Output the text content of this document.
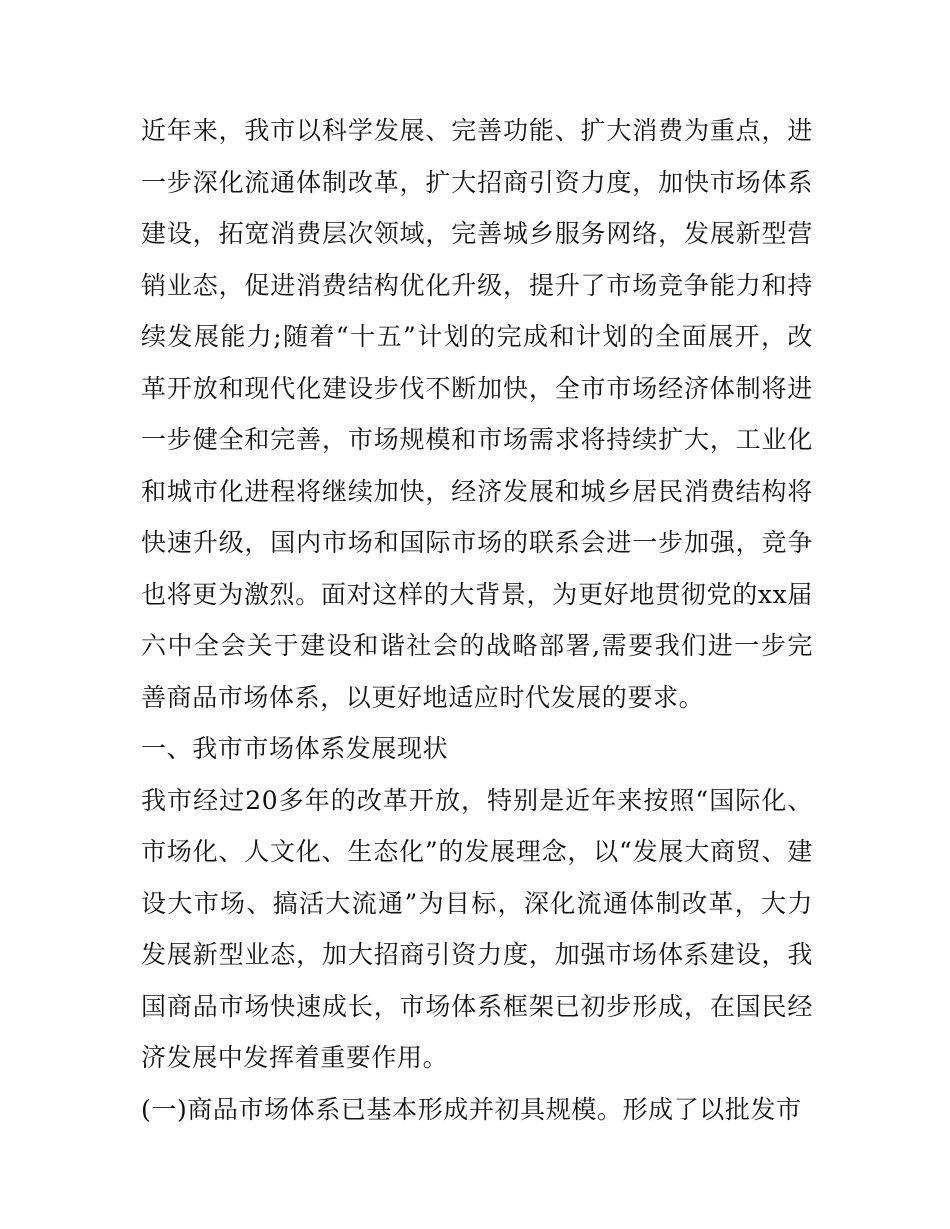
近年来，我市以科学发展、完善功能、扩大消费为重点，进一步深化流通体制改革，扩大招商引资力度，加快市场体系建设，拓宽消费层次领域，完善城乡服务网络，发展新型营销业态，促进消费结构优化升级，提升了市场竞争能力和持续发展能力;随着“十五”计划的完成和计划的全面展开，改革开放和现代化建设步伐不断加快，全市市场经济体制将进一步健全和完善，市场规模和市场需求将持续扩大，工业化和城市化进程将继续加快，经济发展和城乡居民消费结构将快速升级，国内市场和国际市场的联系会进一步加强，竞争也将更为激烈。面对这样的大背景，为更好地贯彻党的xx届六中全会关于建设和谐社会的战略部署,需要我们进一步完善商品市场体系，以更好地适应时代发展的要求。

一、我市市场体系发展现状

我市经过20多年的改革开放，特别是近年来按照“国际化、市场化、人文化、生态化”的发展理念，以“发展大商贸、建设大市场、搞活大流通”为目标，深化流通体制改革，大力发展新型业态，加大招商引资力度，加强市场体系建设，我国商品市场快速成长，市场体系框架已初步形成，在国民经济发展中发挥着重要作用。

(一)商品市场体系已基本形成并初具规模。形成了以批发市
